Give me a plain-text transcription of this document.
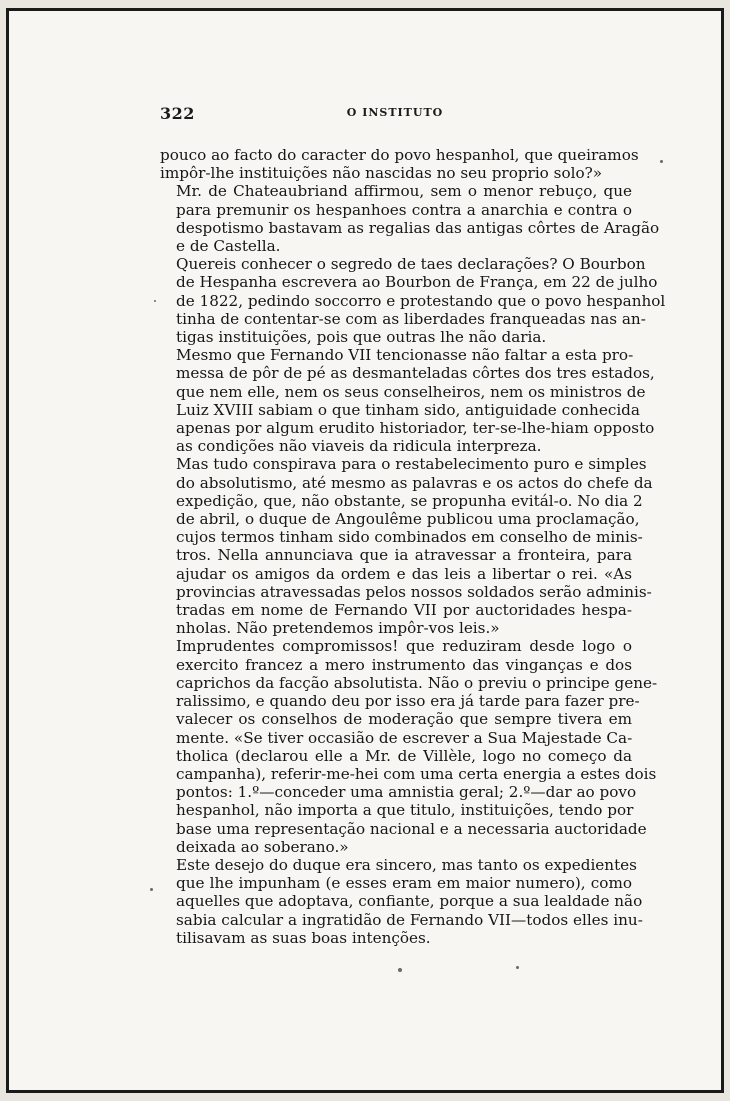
322	O INSTITUTO

pouco ao facto do caracter do povo hespanhol, que queiramos
impôr-lhe instituições não nascidas no seu proprio solo?»

Mr. de Chateaubriand affirmou, sem o menor rebuço, que
para premunir os hespanhoes contra a anarchia e contra o
despotismo bastavam as regalias das antigas côrtes de Aragão
e de Castella.

Quereis conhecer o segredo de taes declarações? O Bourbon
de Hespanha escrevera ao Bourbon de França, em 22 de julho
de 1822, pedindo soccorro e protestando que o povo hespanhol
tinha de contentar-se com as liberdades franqueadas nas an-
tigas instituições, pois que outras lhe não daria.

Mesmo que Fernando VII tencionasse não faltar a esta pro-
messa de pôr de pé as desmanteladas côrtes dos tres estados,
que nem elle, nem os seus conselheiros, nem os ministros de
Luiz XVIII sabiam o que tinham sido, antiguidade conhecida
apenas por algum erudito historiador, ter-se-lhe-hiam opposto
as condições não viaveis da ridicula interpreza.

Mas tudo conspirava para o restabelecimento puro e simples
do absolutismo, até mesmo as palavras e os actos do chefe da
expedição, que, não obstante, se propunha evitál-o. No dia 2
de abril, o duque de Angoulême publicou uma proclamação,
cujos termos tinham sido combinados em conselho de minis-
tros. Nella annunciava que ia atravessar a fronteira, para
ajudar os amigos da ordem e das leis a libertar o rei. «As
provincias atravessadas pelos nossos soldados serão adminis-
tradas em nome de Fernando VII por auctoridades hespa-
nholas. Não pretendemos impôr-vos leis.»

Imprudentes compromissos! que reduziram desde logo o
exercito francez a mero instrumento das vinganças e dos
caprichos da facção absolutista. Não o previu o principe gene-
ralissimo, e quando deu por isso era já tarde para fazer pre-
valecer os conselhos de moderação que sempre tivera em
mente. «Se tiver occasião de escrever a Sua Majestade Ca-
tholica (declarou elle a Mr. de Villèle, logo no começo da
campanha), referir-me-hei com uma certa energia a estes dois
pontos: 1.º—conceder uma amnistia geral; 2.º—dar ao povo
hespanhol, não importa a que titulo, instituições, tendo por
base uma representação nacional e a necessaria auctoridade
deixada ao soberano.»

Este desejo do duque era sincero, mas tanto os expedientes
que lhe impunham (e esses eram em maior numero), como
aquelles que adoptava, confiante, porque a sua lealdade não
sabia calcular a ingratidão de Fernando VII—todos elles inu-
tilisavam as suas boas intenções.
